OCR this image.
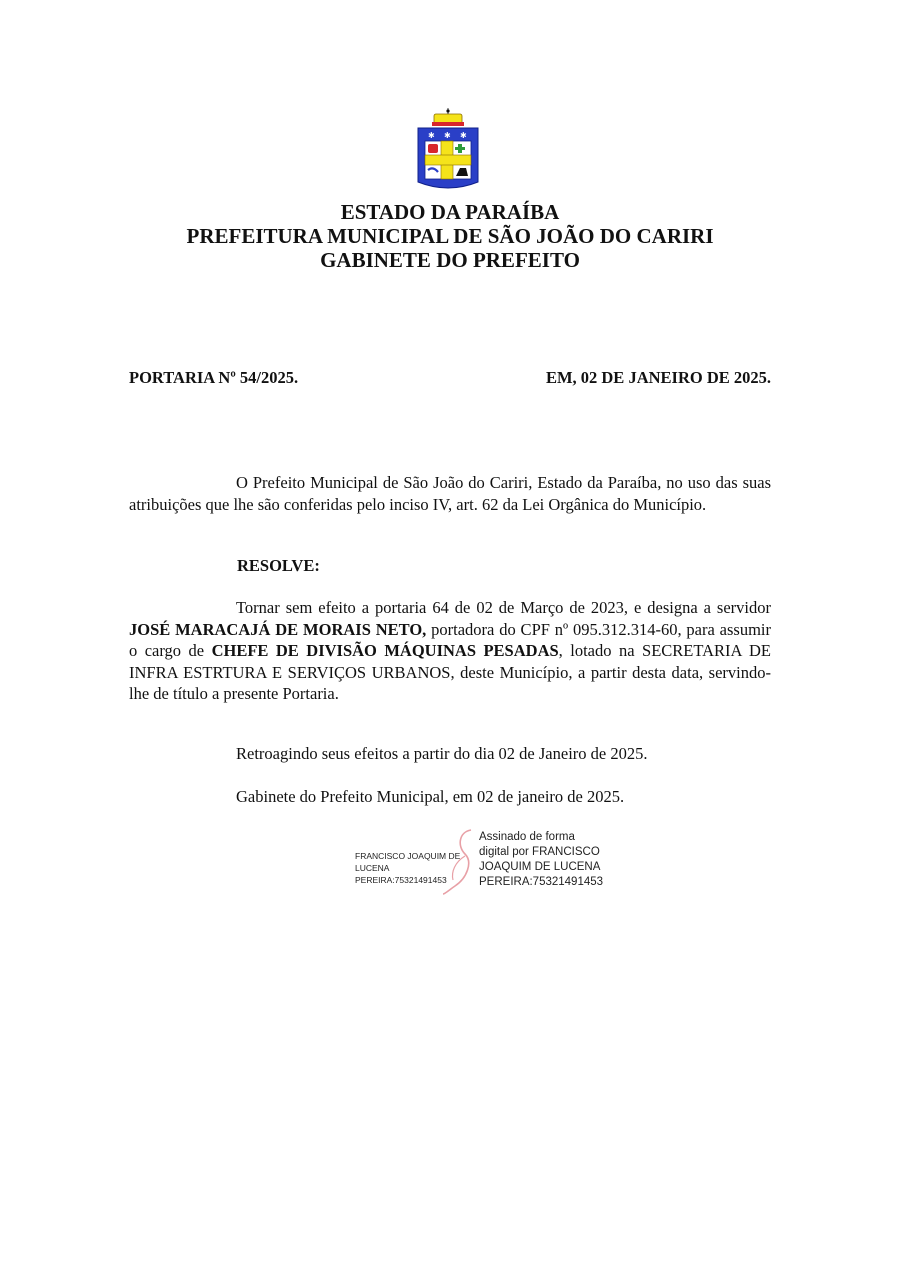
✱ ✱ ✱
ESTADO DA PARAÍBA
PREFEITURA MUNICIPAL DE SÃO JOÃO DO CARIRI
GABINETE DO PREFEITO
PORTARIA Nº 54/2025.	EM, 02 DE JANEIRO DE 2025.
O Prefeito Municipal de São João do Cariri, Estado da Paraíba, no uso das suas atribuições que lhe são conferidas pelo inciso IV, art. 62 da Lei Orgânica do Município.
RESOLVE:
Tornar sem efeito a portaria 64 de 02 de Março de 2023, e designa a servidor JOSÉ MARACAJÁ DE MORAIS NETO, portadora do CPF nº 095.312.314-60, para assumir o cargo de CHEFE DE DIVISÃO MÁQUINAS PESADAS, lotado na SECRETARIA DE INFRA ESTRTURA E SERVIÇOS URBANOS, deste Município, a partir desta data, servindo-lhe de título a presente Portaria.
Retroagindo seus efeitos a partir do dia 02 de Janeiro de 2025.
Gabinete do Prefeito Municipal, em 02 de janeiro de 2025.
FRANCISCO JOAQUIM DE
LUCENA PEREIRA:75321491453
Assinado de forma
digital por FRANCISCO
JOAQUIM DE LUCENA
PEREIRA:75321491453
